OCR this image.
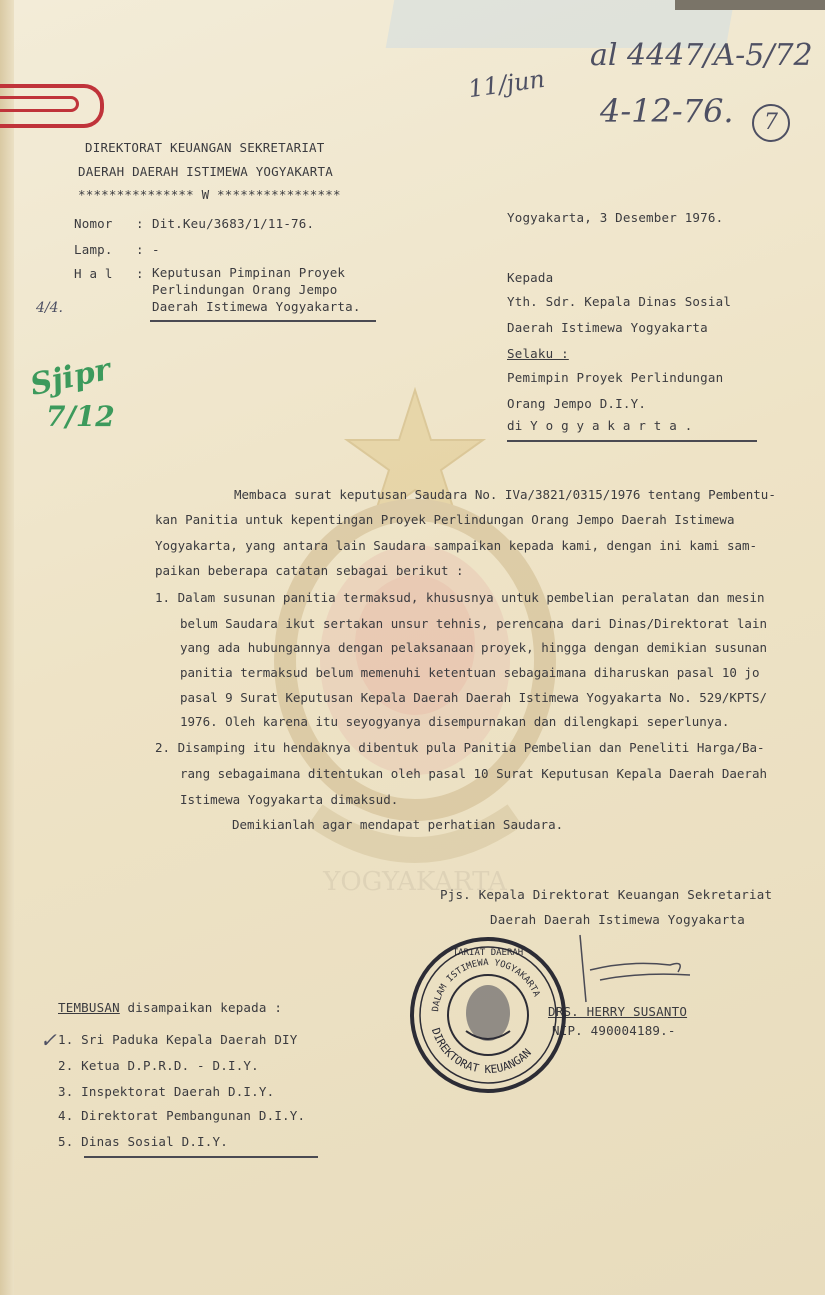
YOGYAKARTA
al 4447/A-5/72
4-12-76.	7
11/jun
DIREKTORAT KEUANGAN SEKRETARIAT
DAERAH DAERAH ISTIMEWA YOGYAKARTA
*************** W ****************
Nomor : Dit.Keu/3683/1/11-76.
Lamp. : -
H a l : Keputusan Pimpinan Proyek
Perlindungan Orang Jempo
Daerah Istimewa Yogyakarta.
4/4.
Yogyakarta, 3 Desember 1976.
Kepada
Yth. Sdr. Kepala Dinas Sosial
Daerah Istimewa Yogyakarta
Selaku :
Pemimpin Proyek Perlindungan
Orang Jempo D.I.Y.
di Y o g y a k a r t a .
Sjipr
7/12
Membaca surat keputusan Saudara No. IVa/3821/0315/1976 tentang Pembentu-
kan Panitia untuk kepentingan Proyek Perlindungan Orang Jempo Daerah Istimewa
Yogyakarta, yang antara lain Saudara sampaikan kepada kami, dengan ini kami sam-
paikan beberapa catatan sebagai berikut :
1. Dalam susunan panitia termaksud, khususnya untuk pembelian peralatan dan mesin
belum Saudara ikut sertakan unsur tehnis, perencana dari Dinas/Direktorat lain
yang ada hubungannya dengan pelaksanaan proyek, hingga dengan demikian susunan
panitia termaksud belum memenuhi ketentuan sebagaimana diharuskan pasal 10 jo
pasal 9 Surat Keputusan Kepala Daerah Daerah Istimewa Yogyakarta No. 529/KPTS/
1976. Oleh karena itu seyogyanya disempurnakan dan dilengkapi seperlunya.
2. Disamping itu hendaknya dibentuk pula Panitia Pembelian dan Peneliti Harga/Ba-
rang sebagaimana ditentukan oleh pasal 10 Surat Keputusan Kepala Daerah Daerah
Istimewa Yogyakarta dimaksud.
Demikianlah agar mendapat perhatian Saudara.
Pjs. Kepala Direktorat Keuangan Sekretariat
Daerah Daerah Istimewa Yogyakarta
DRS. HERRY SUSANTO
NIP. 490004189.-
DIREKTORAT KEUANGAN
DALAM ISTIMEWA YOGYAKARTA
TARIAT DAERAH
TEMBUSAN disampaikan kepada :
✓ 1. Sri Paduka Kepala Daerah DIY
2. Ketua D.P.R.D. - D.I.Y.
3. Inspektorat Daerah D.I.Y.
4. Direktorat Pembangunan D.I.Y.
5. Dinas Sosial D.I.Y.
